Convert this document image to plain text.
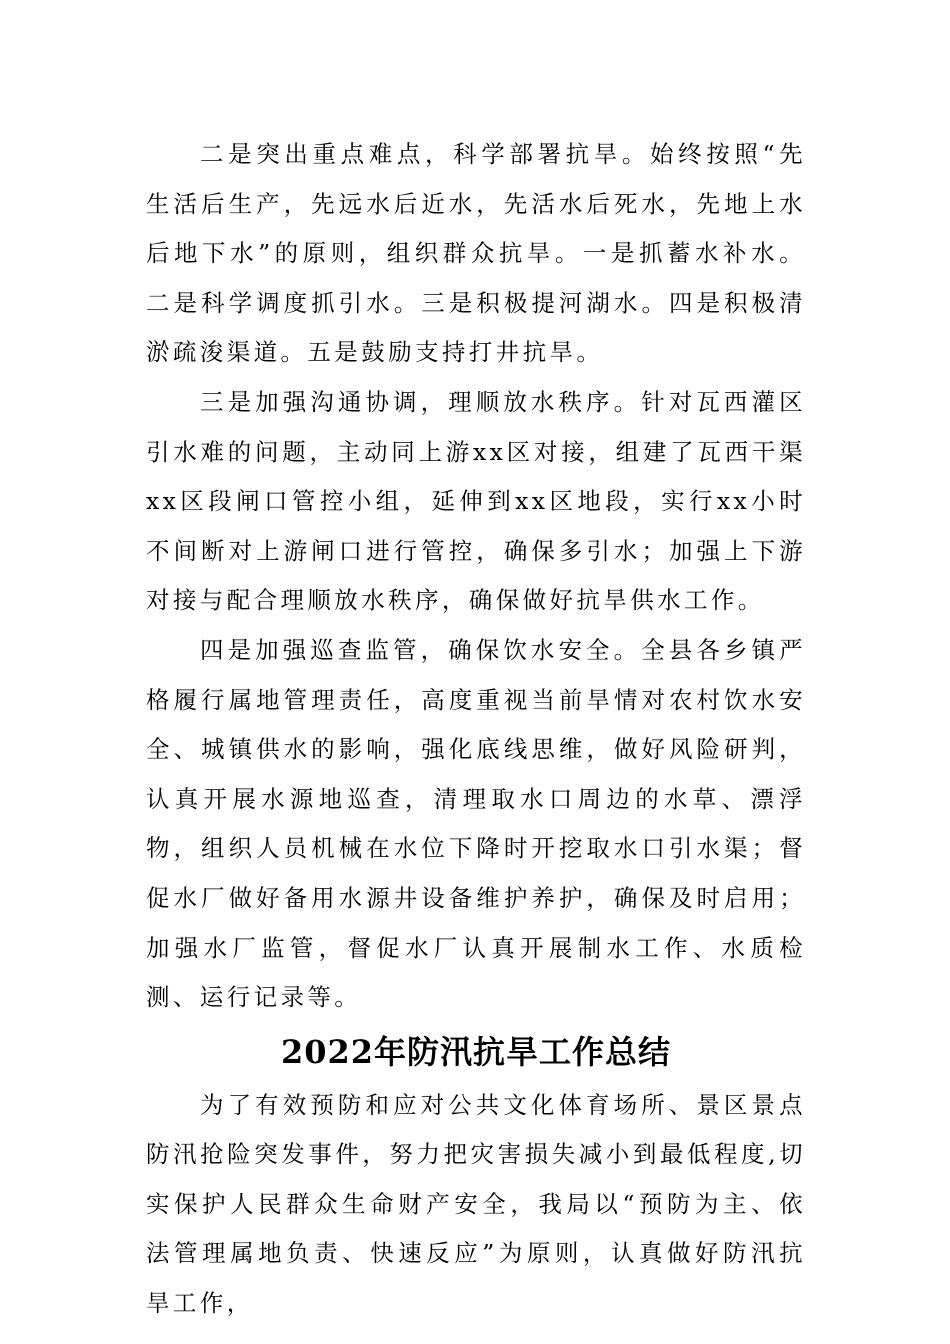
二是突出重点难点，科学部署抗旱。始终按照“先生活后生产，先远水后近水，先活水后死水，先地上水后地下水”的原则，组织群众抗旱。一是抓蓄水补水。二是科学调度抓引水。三是积极提河湖水。四是积极清淤疏浚渠道。五是鼓励支持打井抗旱。

三是加强沟通协调，理顺放水秩序。针对瓦西灌区引水难的问题，主动同上游xx区对接，组建了瓦西干渠xx区段闸口管控小组，延伸到xx区地段，实行xx小时不间断对上游闸口进行管控，确保多引水；加强上下游对接与配合理顺放水秩序，确保做好抗旱供水工作。

四是加强巡查监管，确保饮水安全。全县各乡镇严格履行属地管理责任，高度重视当前旱情对农村饮水安全、城镇供水的影响，强化底线思维，做好风险研判，认真开展水源地巡查，清理取水口周边的水草、漂浮物，组织人员机械在水位下降时开挖取水口引水渠；督促水厂做好备用水源井设备维护养护，确保及时启用；加强水厂监管，督促水厂认真开展制水工作、水质检测、运行记录等。

2022年防汛抗旱工作总结

为了有效预防和应对公共文化体育场所、景区景点防汛抢险突发事件，努力把灾害损失减小到最低程度,切实保护人民群众生命财产安全，我局以“预防为主、依法管理属地负责、快速反应”为原则，认真做好防汛抗旱工作，
